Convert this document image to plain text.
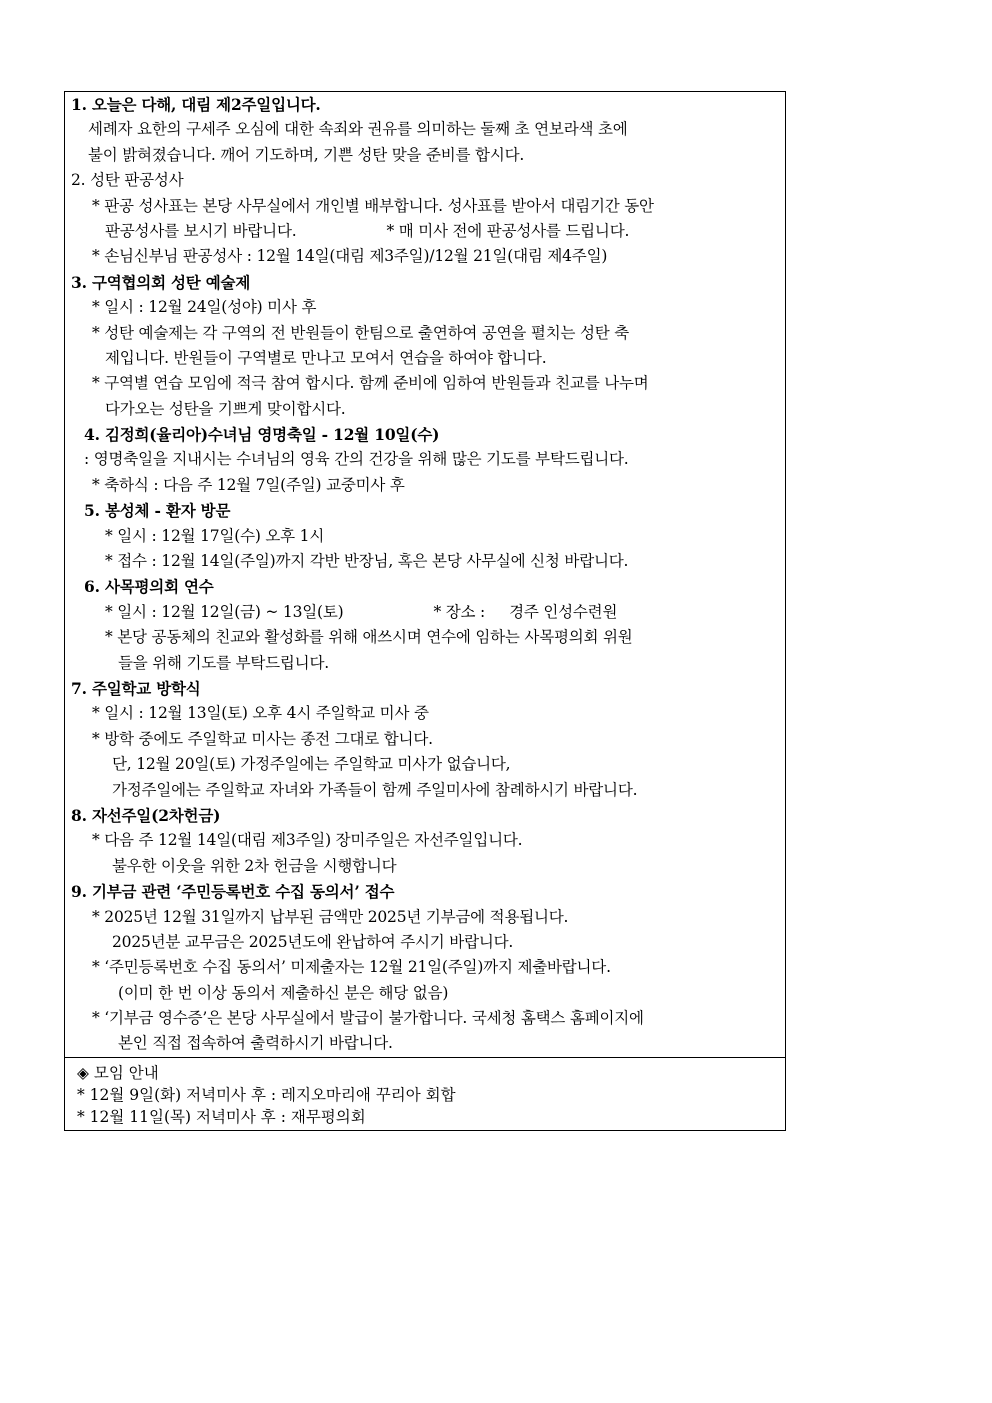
1. 오늘은 다해, 대림 제2주일입니다.
세례자 요한의 구세주 오심에 대한 속죄와 권유를 의미하는 둘째 초 연보라색 초에
불이 밝혀졌습니다. 깨어 기도하며, 기쁜 성탄 맞을 준비를 합시다.
2. 성탄 판공성사
* 판공 성사표는 본당 사무실에서 개인별 배부합니다. 성사표를 받아서 대림기간 동안
판공성사를 보시기 바랍니다.	* 매 미사 전에 판공성사를 드립니다.
* 손님신부님 판공성사 : 12월 14일(대림 제3주일)/12월 21일(대림 제4주일)
3. 구역협의회 성탄 예술제
* 일시 : 12월 24일(성야) 미사 후
* 성탄 예술제는 각 구역의 전 반원들이 한팀으로 출연하여 공연을 펼치는 성탄 축
제입니다. 반원들이 구역별로 만나고 모여서 연습을 하여야 합니다.
* 구역별 연습 모임에 적극 참여 합시다. 함께 준비에 임하여 반원들과 친교를 나누며
다가오는 성탄을 기쁘게 맞이합시다.
4. 김정희(율리아)수녀님 영명축일 - 12월 10일(수)
: 영명축일을 지내시는 수녀님의 영육 간의 건강을 위해 많은 기도를 부탁드립니다.
* 축하식 : 다음 주 12월 7일(주일) 교중미사 후
5. 봉성체 - 환자 방문
* 일시 : 12월 17일(수) 오후 1시
* 접수 : 12월 14일(주일)까지 각반 반장님, 혹은 본당 사무실에 신청 바랍니다.
6. 사목평의회 연수
* 일시 : 12월 12일(금) ~ 13일(토)	* 장소 : 경주 인성수련원
* 본당 공동체의 친교와 활성화를 위해 애쓰시며 연수에 임하는 사목평의회 위원
들을 위해 기도를 부탁드립니다.
7. 주일학교 방학식
* 일시 : 12월 13일(토) 오후 4시 주일학교 미사 중
* 방학 중에도 주일학교 미사는 종전 그대로 합니다.
단, 12월 20일(토) 가정주일에는 주일학교 미사가 없습니다,
가정주일에는 주일학교 자녀와 가족들이 함께 주일미사에 참례하시기 바랍니다.
8. 자선주일(2차헌금)
* 다음 주 12월 14일(대림 제3주일) 장미주일은 자선주일입니다.
불우한 이웃을 위한 2차 헌금을 시행합니다
9. 기부금 관련 ‘주민등록번호 수집 동의서’ 접수
* 2025년 12월 31일까지 납부된 금액만 2025년 기부금에 적용됩니다.
2025년분 교무금은 2025년도에 완납하여 주시기 바랍니다.
* ‘주민등록번호 수집 동의서’ 미제출자는 12월 21일(주일)까지 제출바랍니다.
(이미 한 번 이상 동의서 제출하신 분은 해당 없음)
* ‘기부금 영수증’은 본당 사무실에서 발급이 불가합니다. 국세청 홈택스 홈페이지에
본인 직접 접속하여 출력하시기 바랍니다.
◈ 모임 안내
* 12월 9일(화) 저녁미사 후 : 레지오마리애 꾸리아 회합
* 12월 11일(목) 저녁미사 후 : 재무평의회
